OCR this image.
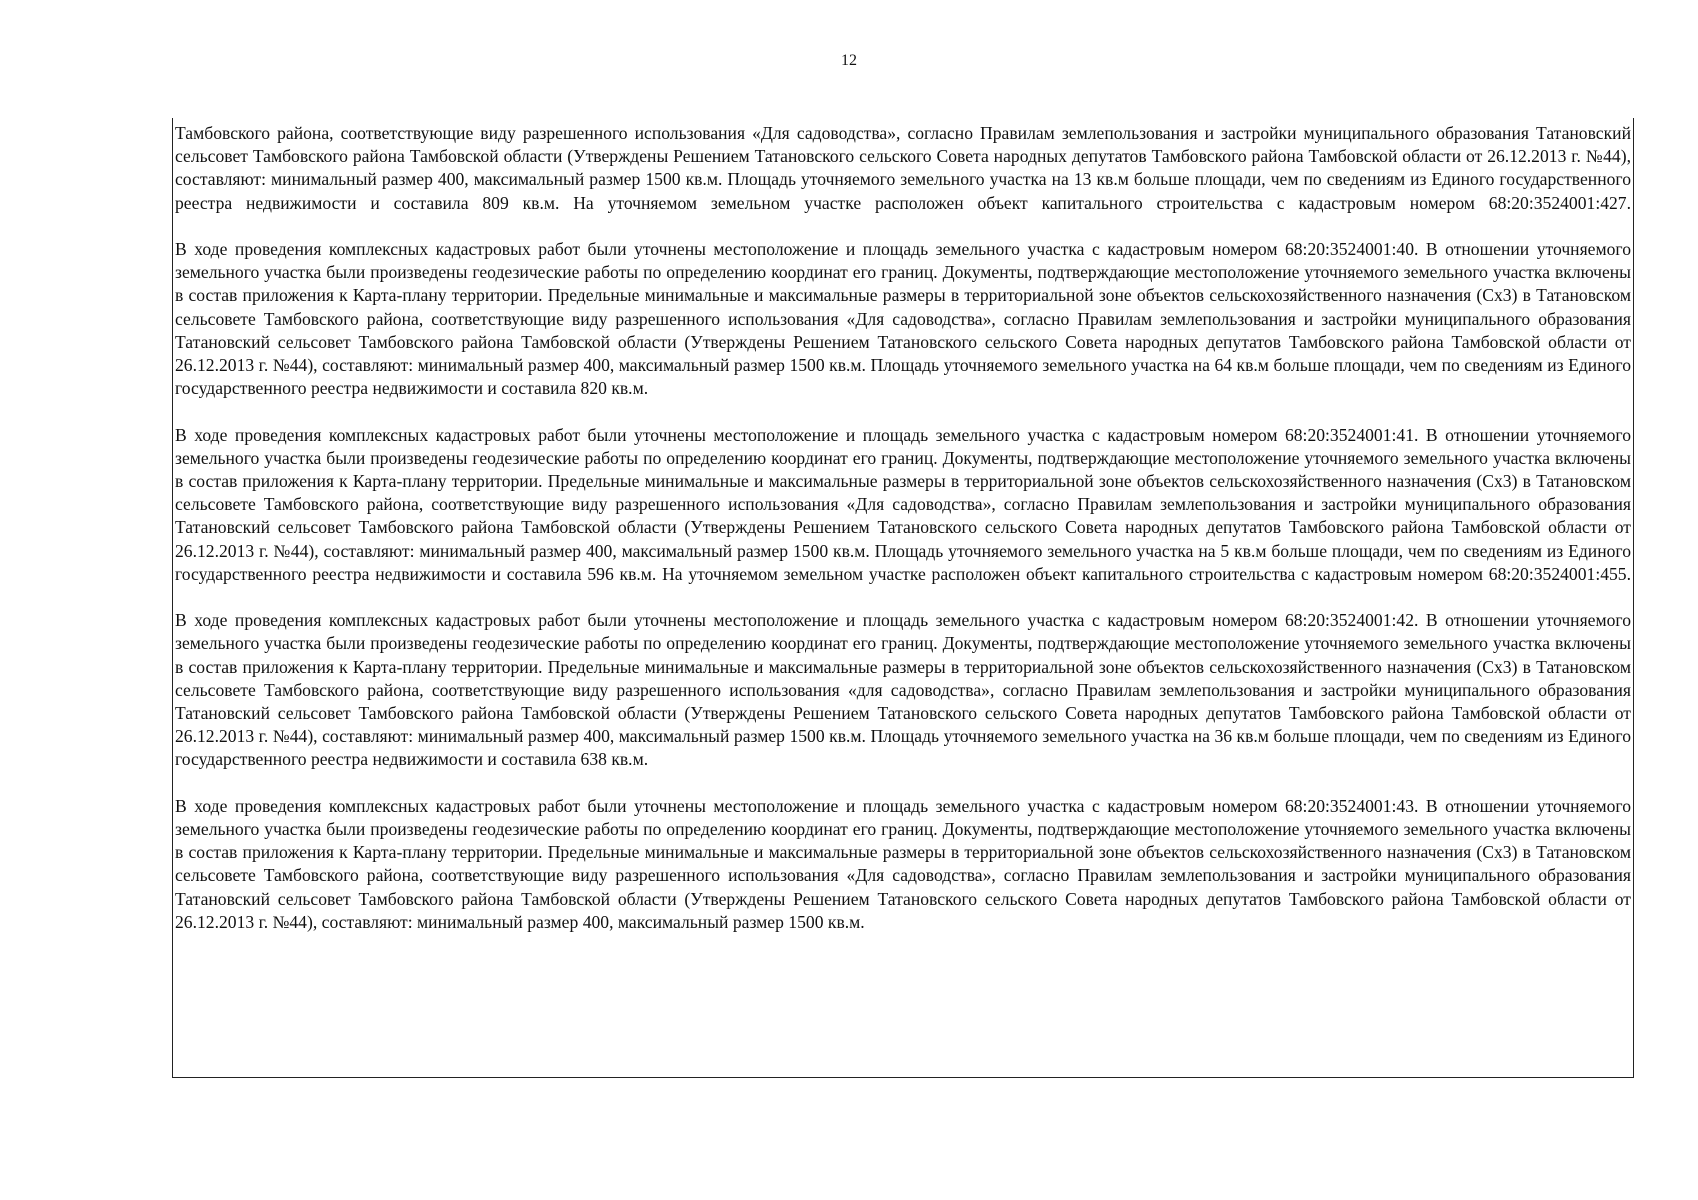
12

Тамбовского района, соответствующие виду разрешенного использования «Для садоводства», согласно Правилам землепользования и застройки муниципального образования Татановский сельсовет Тамбовского района Тамбовской области (Утверждены Решением Татановского сельского Совета народных депутатов Тамбовского района Тамбовской области от 26.12.2013 г. №44), составляют: минимальный размер 400, максимальный размер 1500 кв.м. Площадь уточняемого земельного участка на 13 кв.м больше площади, чем по сведениям из Единого государственного реестра недвижимости и составила 809 кв.м. На уточняемом земельном участке расположен объект капитального строительства с кадастровым номером 68:20:3524001:427.

В ходе проведения комплексных кадастровых работ были уточнены местоположение и площадь земельного участка с кадастровым номером 68:20:3524001:40. В отношении уточняемого земельного участка были произведены геодезические работы по определению координат его границ. Документы, подтверждающие местоположение уточняемого земельного участка включены в состав приложения к Карта-плану территории. Предельные минимальные и максимальные размеры в территориальной зоне объектов сельскохозяйственного назначения (Сх3) в Татановском сельсовете Тамбовского района, соответствующие виду разрешенного использования «Для садоводства», согласно Правилам землепользования и застройки муниципального образования Татановский сельсовет Тамбовского района Тамбовской области (Утверждены Решением Татановского сельского Совета народных депутатов Тамбовского района Тамбовской области от 26.12.2013 г. №44), составляют: минимальный размер 400, максимальный размер 1500 кв.м. Площадь уточняемого земельного участка на 64 кв.м больше площади, чем по сведениям из Единого государственного реестра недвижимости и составила 820 кв.м.

В ходе проведения комплексных кадастровых работ были уточнены местоположение и площадь земельного участка с кадастровым номером 68:20:3524001:41. В отношении уточняемого земельного участка были произведены геодезические работы по определению координат его границ. Документы, подтверждающие местоположение уточняемого земельного участка включены в состав приложения к Карта-плану территории. Предельные минимальные и максимальные размеры в территориальной зоне объектов сельскохозяйственного назначения (Сх3) в Татановском сельсовете Тамбовского района, соответствующие виду разрешенного использования «Для садоводства», согласно Правилам землепользования и застройки муниципального образования Татановский сельсовет Тамбовского района Тамбовской области (Утверждены Решением Татановского сельского Совета народных депутатов Тамбовского района Тамбовской области от 26.12.2013 г. №44), составляют: минимальный размер 400, максимальный размер 1500 кв.м. Площадь уточняемого земельного участка на 5 кв.м больше площади, чем по сведениям из Единого государственного реестра недвижимости и составила 596 кв.м. На уточняемом земельном участке расположен объект капитального строительства с кадастровым номером 68:20:3524001:455.

В ходе проведения комплексных кадастровых работ были уточнены местоположение и площадь земельного участка с кадастровым номером 68:20:3524001:42. В отношении уточняемого земельного участка были произведены геодезические работы по определению координат его границ. Документы, подтверждающие местоположение уточняемого земельного участка включены в состав приложения к Карта-плану территории. Предельные минимальные и максимальные размеры в территориальной зоне объектов сельскохозяйственного назначения (Сх3) в Татановском сельсовете Тамбовского района, соответствующие виду разрешенного использования «для садоводства», согласно Правилам землепользования и застройки муниципального образования Татановский сельсовет Тамбовского района Тамбовской области (Утверждены Решением Татановского сельского Совета народных депутатов Тамбовского района Тамбовской области от 26.12.2013 г. №44), составляют: минимальный размер 400, максимальный размер 1500 кв.м. Площадь уточняемого земельного участка на 36 кв.м больше площади, чем по сведениям из Единого государственного реестра недвижимости и составила 638 кв.м.

В ходе проведения комплексных кадастровых работ были уточнены местоположение и площадь земельного участка с кадастровым номером 68:20:3524001:43. В отношении уточняемого земельного участка были произведены геодезические работы по определению координат его границ. Документы, подтверждающие местоположение уточняемого земельного участка включены в состав приложения к Карта-плану территории. Предельные минимальные и максимальные размеры в территориальной зоне объектов сельскохозяйственного назначения (Сх3) в Татановском сельсовете Тамбовского района, соответствующие виду разрешенного использования «Для садоводства», согласно Правилам землепользования и застройки муниципального образования Татановский сельсовет Тамбовского района Тамбовской области (Утверждены Решением Татановского сельского Совета народных депутатов Тамбовского района Тамбовской области от 26.12.2013 г. №44), составляют: минимальный размер 400, максимальный размер 1500 кв.м.
